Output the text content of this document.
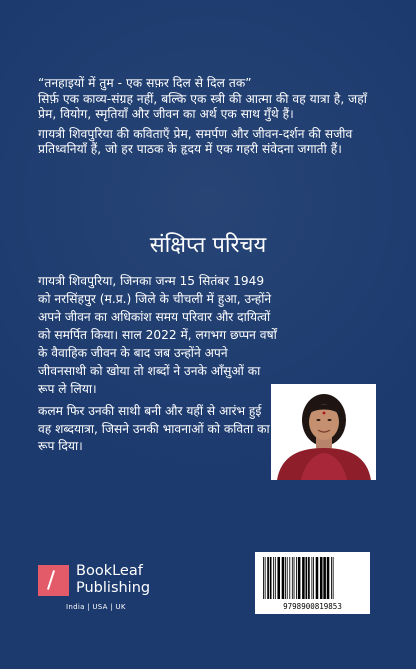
“तनहाइयों में तुम - एक सफ़र दिल से दिल तक”

सिर्फ़ एक काव्य-संग्रह नहीं, बल्कि एक स्त्री की आत्मा की वह यात्रा है, जहाँ प्रेम, वियोग, स्मृतियाँ और जीवन का अर्थ एक साथ गुँथे हैं।

गायत्री शिवपुरिया की कविताएँ प्रेम, समर्पण और जीवन-दर्शन की सजीव प्रतिध्वनियाँ हैं, जो हर पाठक के हृदय में एक गहरी संवेदना जगाती हैं।

संक्षिप्त परिचय

गायत्री शिवपुरिया, जिनका जन्म 15 सितंबर 1949 को नरसिंहपुर (म.प्र.) जिले के चीचली में हुआ, उन्होंने अपने जीवन का अधिकांश समय परिवार और दायित्वों को समर्पित किया। साल 2022 में, लगभग छप्पन वर्षों के वैवाहिक जीवन के बाद जब उन्होंने अपने जीवनसाथी को खोया तो शब्दों ने उनके आँसुओं का रूप ले लिया।

कलम फिर उनकी साथी बनी और यहीं से आरंभ हुई वह शब्दयात्रा, जिसने उनकी भावनाओं को कविता का रूप दिया।

BookLeaf
Publishing
India | USA | UK	9798900819853
